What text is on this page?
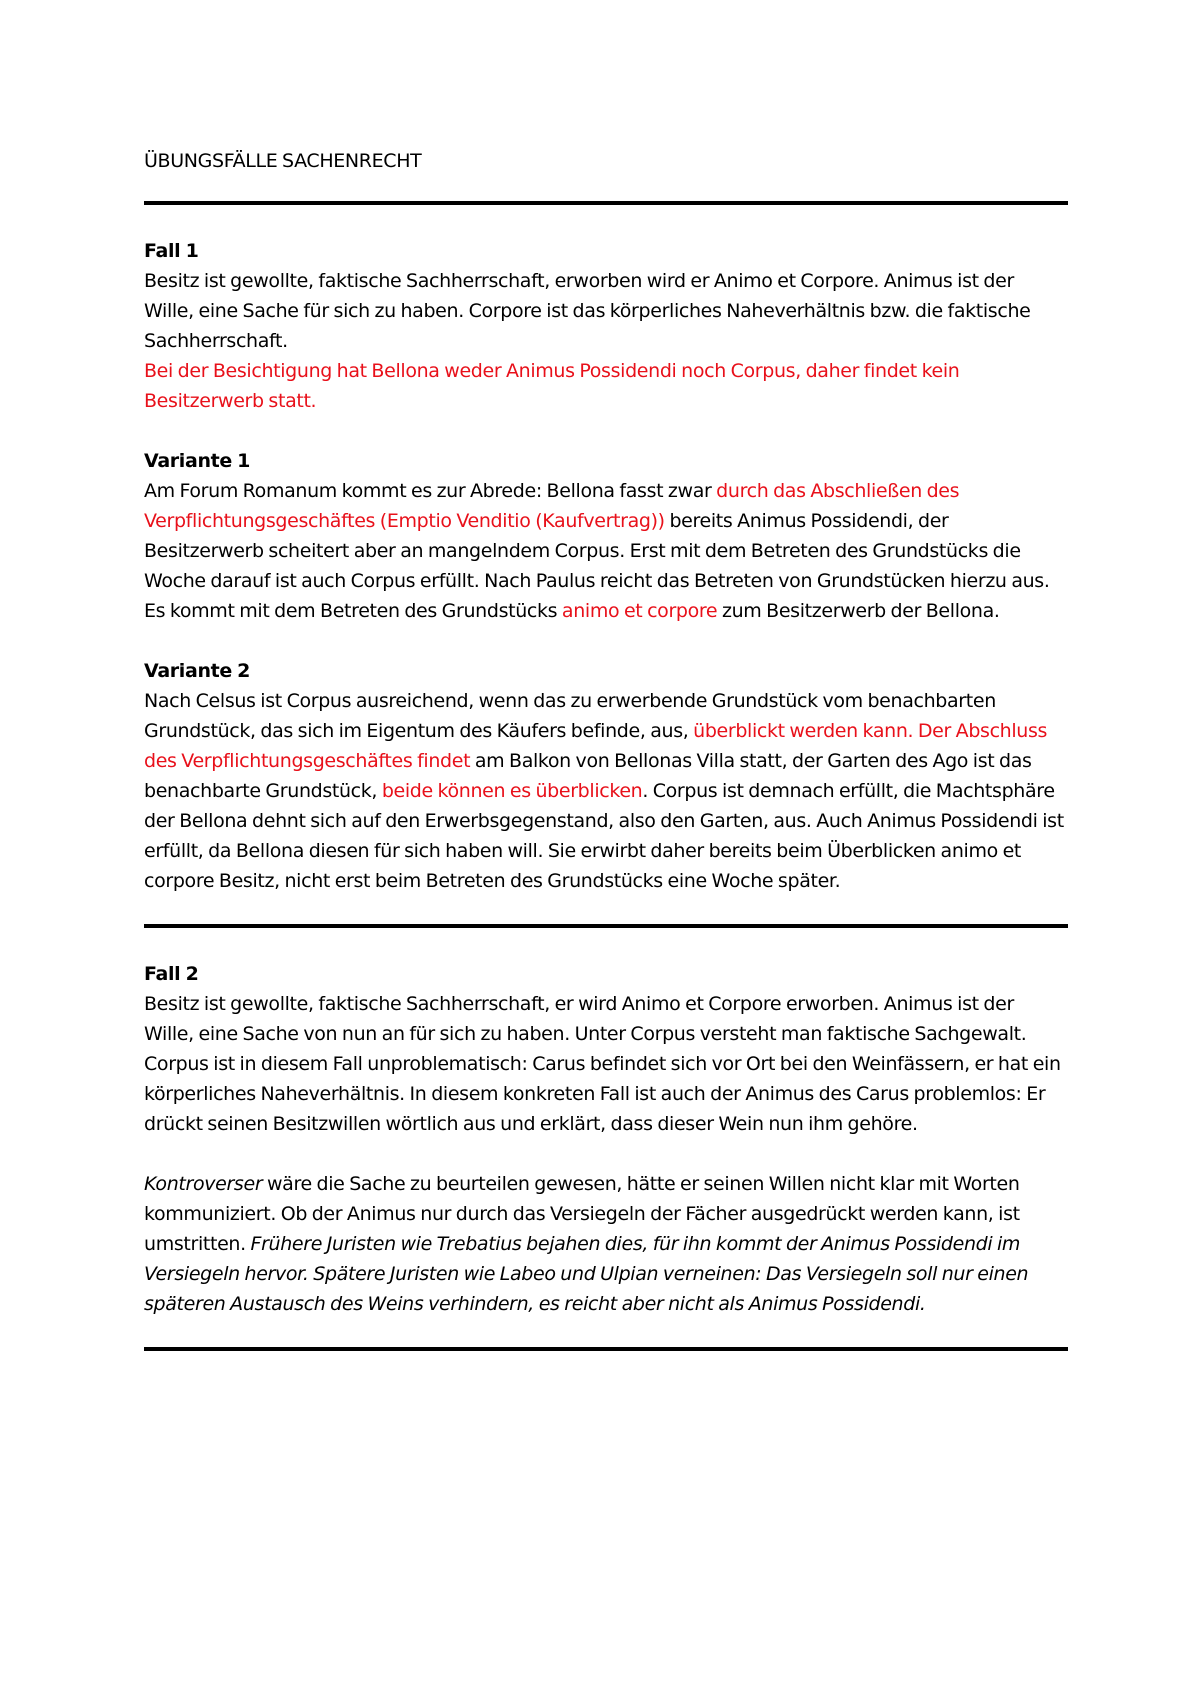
ÜBUNGSFÄLLE SACHENRECHT
Fall 1

Besitz ist gewollte, faktische Sachherrschaft, erworben wird er Animo et Corpore. Animus ist der Wille, eine Sache für sich zu haben. Corpore ist das körperliches Naheverhältnis bzw. die faktische Sachherrschaft.

Bei der Besichtigung hat Bellona weder Animus Possidendi noch Corpus, daher findet kein Besitzerwerb statt.

Variante 1

Am Forum Romanum kommt es zur Abrede: Bellona fasst zwar durch das Abschließen des Verpflichtungsgeschäftes (Emptio Venditio (Kaufvertrag)) bereits Animus Possidendi, der Besitzerwerb scheitert aber an mangelndem Corpus. Erst mit dem Betreten des Grundstücks die Woche darauf ist auch Corpus erfüllt. Nach Paulus reicht das Betreten von Grundstücken hierzu aus. Es kommt mit dem Betreten des Grundstücks animo et corpore zum Besitzerwerb der Bellona.

Variante 2

Nach Celsus ist Corpus ausreichend, wenn das zu erwerbende Grundstück vom benachbarten Grundstück, das sich im Eigentum des Käufers befinde, aus, überblickt werden kann. Der Abschluss des Verpflichtungsgeschäftes findet am Balkon von Bellonas Villa statt, der Garten des Ago ist das benachbarte Grundstück, beide können es überblicken. Corpus ist demnach erfüllt, die Machtsphäre der Bellona dehnt sich auf den Erwerbsgegenstand, also den Garten, aus. Auch Animus Possidendi ist erfüllt, da Bellona diesen für sich haben will. Sie erwirbt daher bereits beim Überblicken animo et corpore Besitz, nicht erst beim Betreten des Grundstücks eine Woche später.

Fall 2

Besitz ist gewollte, faktische Sachherrschaft, er wird Animo et Corpore erworben. Animus ist der Wille, eine Sache von nun an für sich zu haben. Unter Corpus versteht man faktische Sachgewalt.

Corpus ist in diesem Fall unproblematisch: Carus befindet sich vor Ort bei den Weinfässern, er hat ein körperliches Naheverhältnis. In diesem konkreten Fall ist auch der Animus des Carus problemlos: Er drückt seinen Besitzwillen wörtlich aus und erklärt, dass dieser Wein nun ihm gehöre.

Kontroverser wäre die Sache zu beurteilen gewesen, hätte er seinen Willen nicht klar mit Worten kommuniziert. Ob der Animus nur durch das Versiegeln der Fächer ausgedrückt werden kann, ist umstritten. Frühere Juristen wie Trebatius bejahen dies, für ihn kommt der Animus Possidendi im Versiegeln hervor. Spätere Juristen wie Labeo und Ulpian verneinen: Das Versiegeln soll nur einen späteren Austausch des Weins verhindern, es reicht aber nicht als Animus Possidendi.
